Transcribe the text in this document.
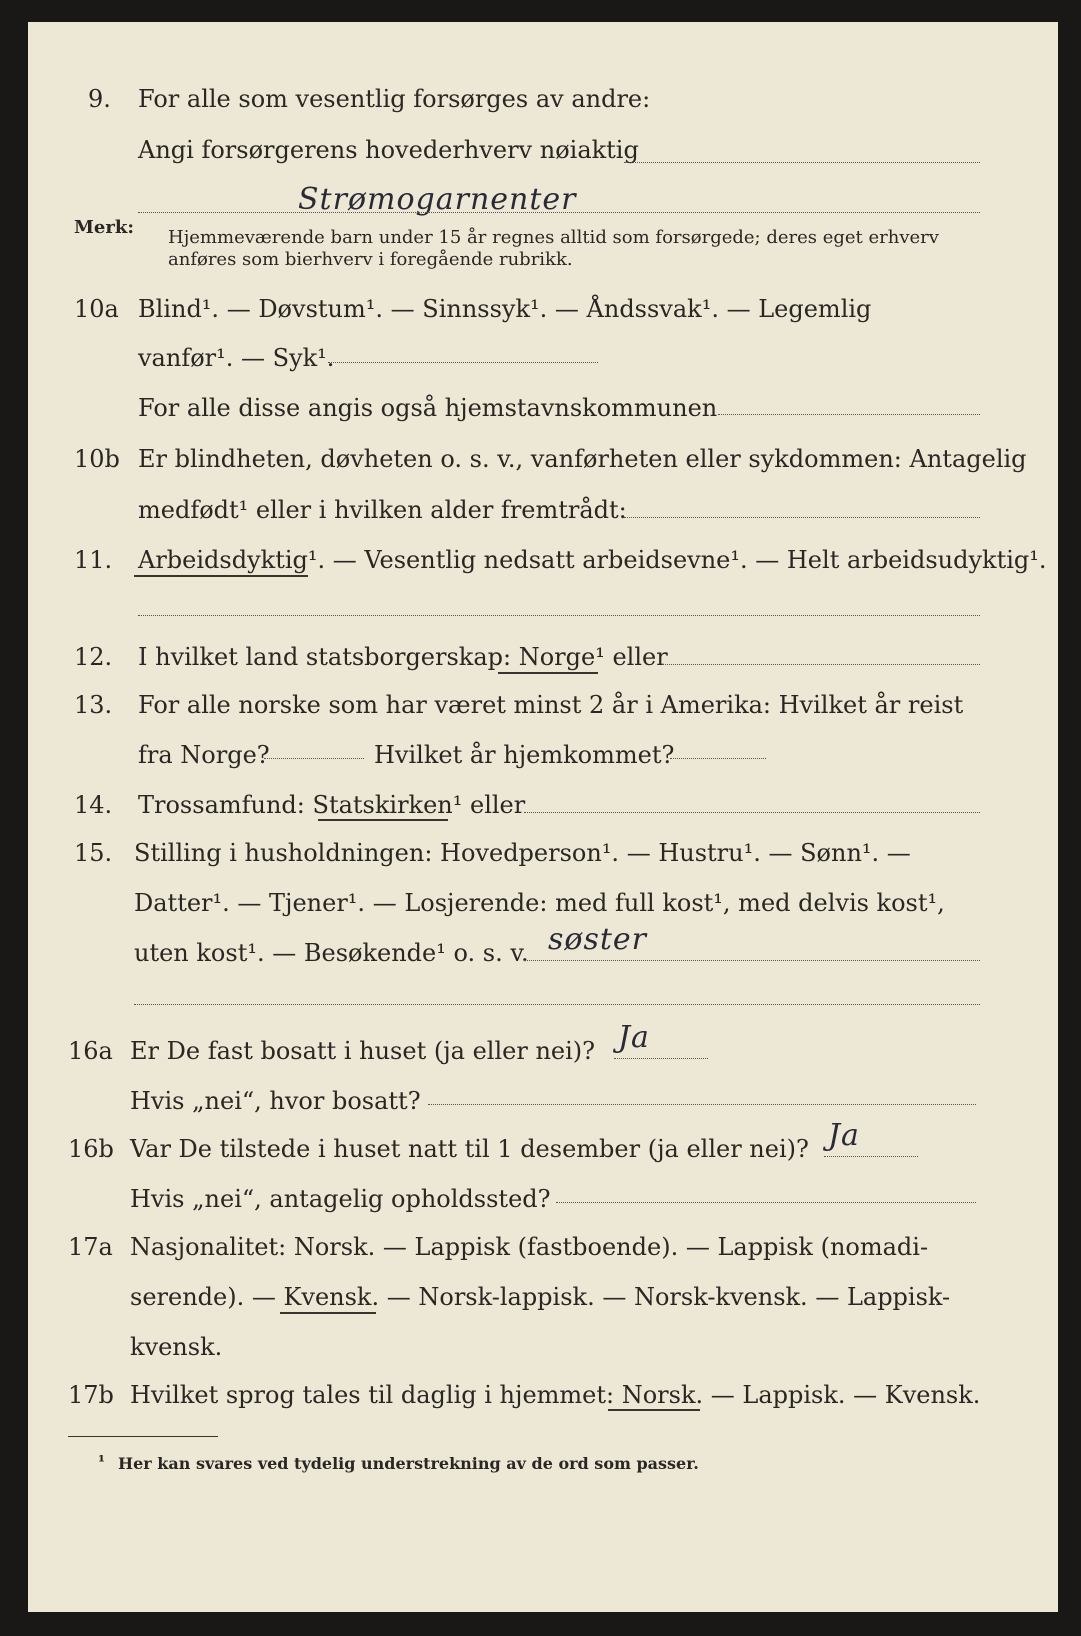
9. For alle som vesentlig forsørges av andre:
Angi forsørgerens hovederhverv nøiaktig
Strømogarnenter
Merk: Hjemmeværende barn under 15 år regnes alltid som forsørgede; deres eget erhverv
anføres som bierhverv i foregående rubrikk.
10a Blind¹. — Døvstum¹. — Sinnssyk¹. — Åndssvak¹. — Legemlig
vanfør¹. — Syk¹.
For alle disse angis også hjemstavnskommunen
10b Er blindheten, døvheten o. s. v., vanførheten eller sykdommen: Antagelig
medfødt¹ eller i hvilken alder fremtrådt:
11. Arbeidsdyktig¹. — Vesentlig nedsatt arbeidsevne¹. — Helt arbeidsudyktig¹.
12. I hvilket land statsborgerskap: Norge¹ eller
13. For alle norske som har været minst 2 år i Amerika: Hvilket år reist
fra Norge?	Hvilket år hjemkommet?
14. Trossamfund: Statskirken¹ eller
15. Stilling i husholdningen: Hovedperson¹. — Hustru¹. — Sønn¹. —
Datter¹. — Tjener¹. — Losjerende: med full kost¹, med delvis kost¹,
uten kost¹. — Besøkende¹ o. s. v. søster
16a Er De fast bosatt i huset (ja eller nei)? Ja
Hvis „nei“, hvor bosatt?
16b Var De tilstede i huset natt til 1 desember (ja eller nei)? Ja
Hvis „nei“, antagelig opholdssted?
17a Nasjonalitet: Norsk. — Lappisk (fastboende). — Lappisk (nomadi-
serende). — Kvensk. — Norsk-lappisk. — Norsk-kvensk. — Lappisk-
kvensk.
17b Hvilket sprog tales til daglig i hjemmet: Norsk. — Lappisk. — Kvensk.
¹ Her kan svares ved tydelig understrekning av de ord som passer.
